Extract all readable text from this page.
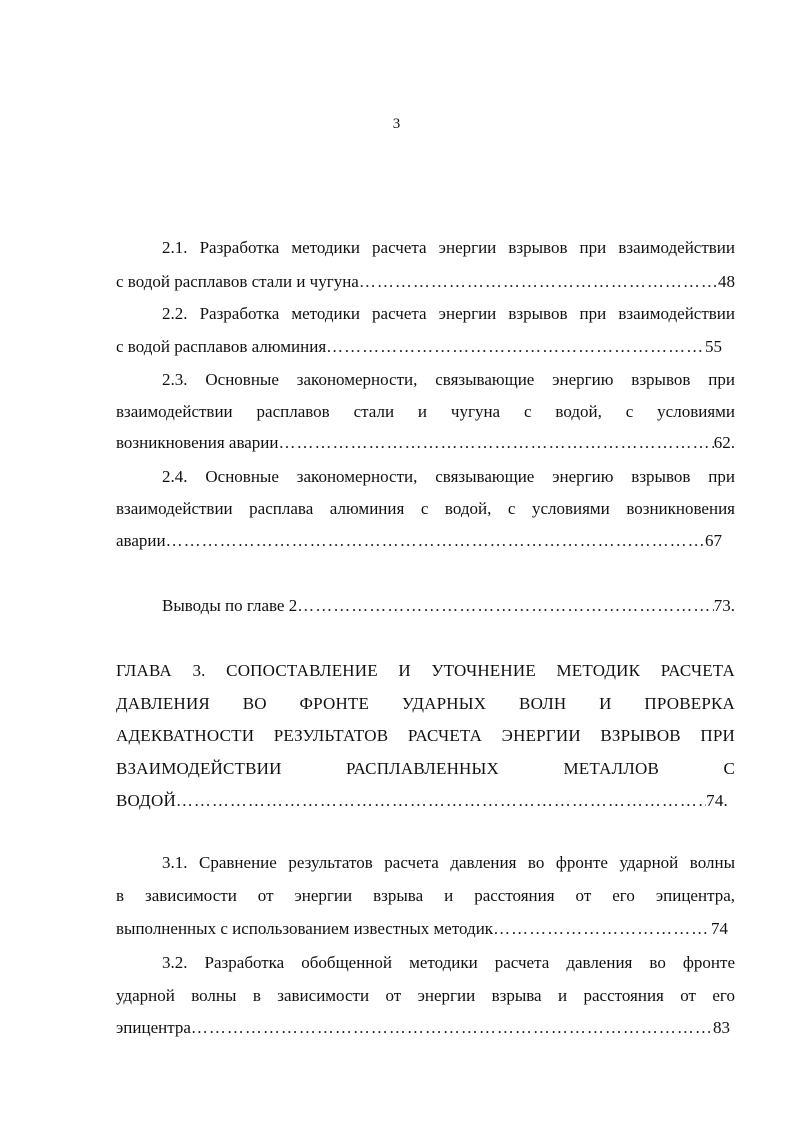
3
2.1. Разработка методики расчета энергии взрывов при взаимодействии
с водой расплавов стали и чугуна ……………………………………………………………………………………………………………………………………………………	48
2.2. Разработка методики расчета энергии взрывов при взаимодействии
с водой расплавов алюминия ……………………………………………………………………………………………………………………………………………………	55
2.3. Основные закономерности, связывающие энергию взрывов при
взаимодействии расплавов стали и чугуна с водой, с условиями
возникновения аварии ……………………………………………………………………………………………………………………………………………………	62.
2.4. Основные закономерности, связывающие энергию взрывов при
взаимодействии расплава алюминия с водой, с условиями возникновения
аварии ……………………………………………………………………………………………………………………………………………………	67
Выводы по главе 2 ……………………………………………………………………………………………………………………………………………………	73.
ГЛАВА 3. СОПОСТАВЛЕНИЕ И УТОЧНЕНИЕ МЕТОДИК РАСЧЕТА
ДАВЛЕНИЯ ВО ФРОНТЕ УДАРНЫХ ВОЛН И ПРОВЕРКА
АДЕКВАТНОСТИ РЕЗУЛЬТАТОВ РАСЧЕТА ЭНЕРГИИ ВЗРЫВОВ ПРИ
ВЗАИМОДЕЙСТВИИ РАСПЛАВЛЕННЫХ МЕТАЛЛОВ С
ВОДОЙ ……………………………………………………………………………………………………………………………………………………	74.
3.1. Сравнение результатов расчета давления во фронте ударной волны
в зависимости от энергии взрыва и расстояния от его эпицентра,
выполненных с использованием известных методик ……………………………………………………………………………………………………………………………………………………	74
3.2. Разработка обобщенной методики расчета давления во фронте
ударной волны в зависимости от энергии взрыва и расстояния от его
эпицентра ……………………………………………………………………………………………………………………………………………………	83
